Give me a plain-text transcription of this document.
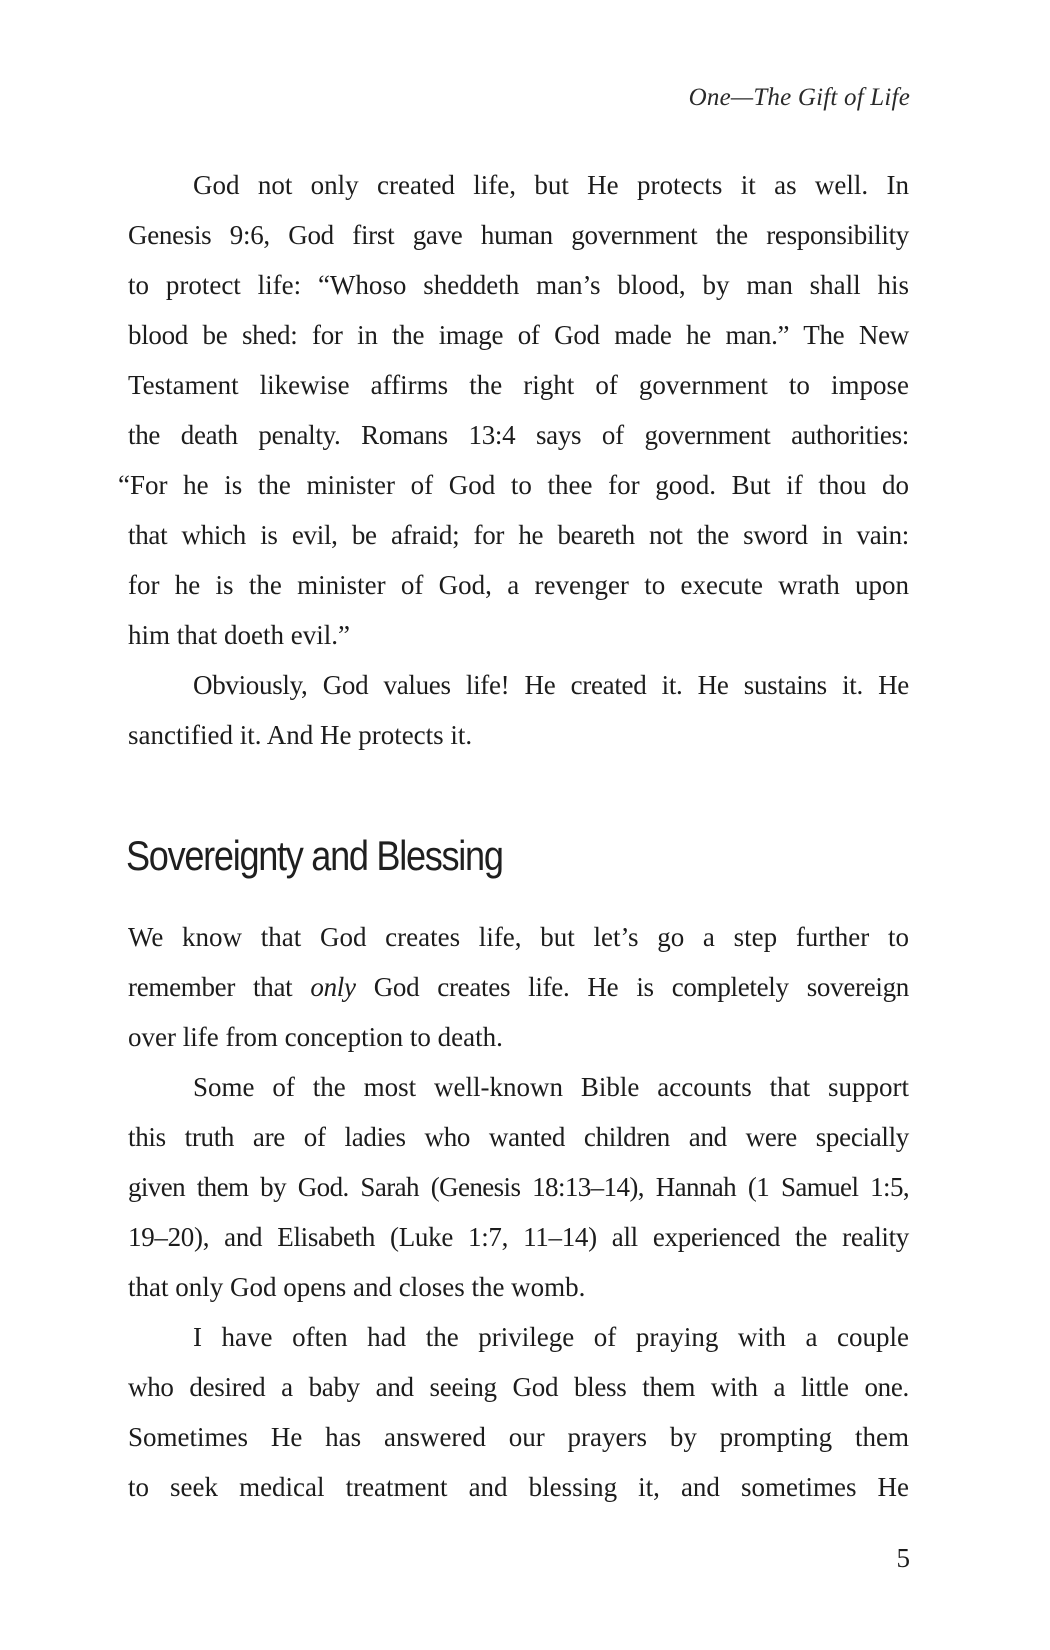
One—The Gift of Life
God not only created life, but He protects it as well. In
Genesis 9:6, God first gave human government the responsibility
to protect life: “Whoso sheddeth man’s blood, by man shall his
blood be shed: for in the image of God made he man.” The New
Testament likewise affirms the right of government to impose
the death penalty. Romans 13:4 says of government authorities:
“For he is the minister of God to thee for good. But if thou do
that which is evil, be afraid; for he beareth not the sword in vain:
for he is the minister of God, a revenger to execute wrath upon
him that doeth evil.”
Obviously, God values life! He created it. He sustains it. He
sanctified it. And He protects it.
Sovereignty and Blessing
We know that God creates life, but let’s go a step further to
remember that only God creates life. He is completely sovereign
over life from conception to death.
Some of the most well-known Bible accounts that support
this truth are of ladies who wanted children and were specially
given them by God. Sarah (Genesis 18:13–14), Hannah (1 Samuel 1:5,
19–20), and Elisabeth (Luke 1:7, 11–14) all experienced the reality
that only God opens and closes the womb.
I have often had the privilege of praying with a couple
who desired a baby and seeing God bless them with a little one.
Sometimes He has answered our prayers by prompting them
to seek medical treatment and blessing it, and sometimes He
5
